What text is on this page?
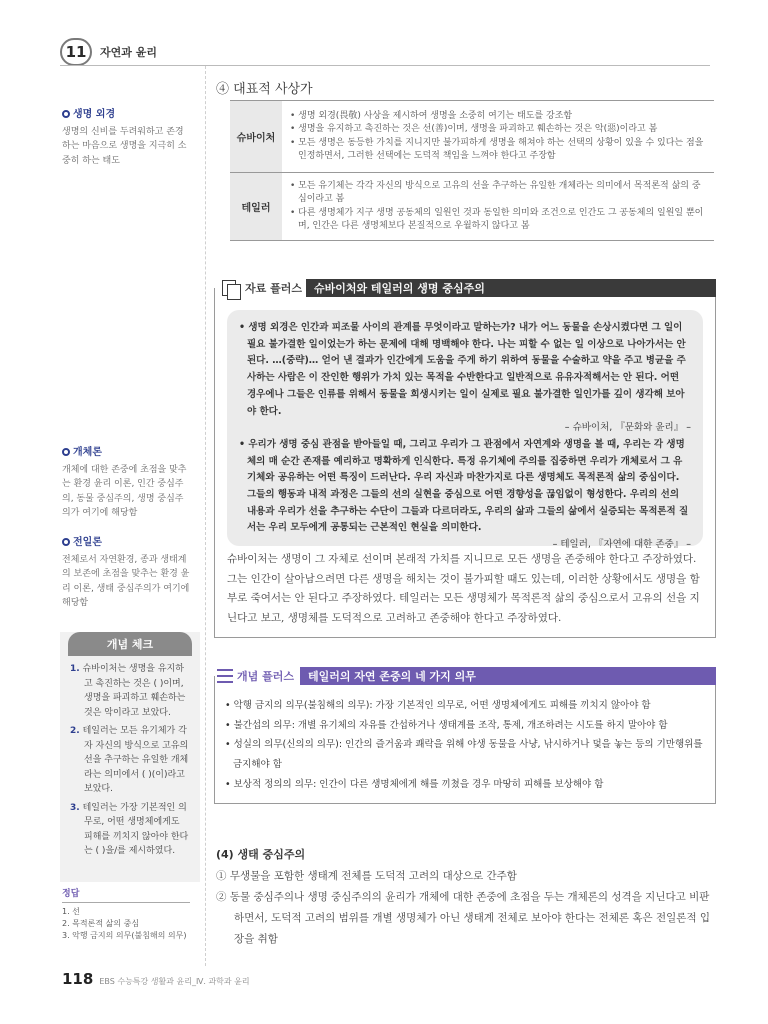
11	자연과 윤리
생명 외경
생명의 신비를 두려워하고 존경하는 마음으로 생명을 지극히 소중히 하는 태도
개체론
개체에 대한 존중에 초점을 맞추는 환경 윤리 이론, 인간 중심주의, 동물 중심주의, 생명 중심주의가 여기에 해당함
전일론
전체로서 자연환경, 종과 생태계의 보존에 초점을 맞추는 환경 윤리 이론, 생태 중심주의가 여기에 해당함
개념 체크
1. 슈바이처는 생명을 유지하고 촉진하는 것은 ( )이며, 생명을 파괴하고 훼손하는 것은 악이라고 보았다.
2. 테일러는 모든 유기체가 각자 자신의 방식으로 고유의 선을 추구하는 유일한 개체라는 의미에서 ( )(이)라고 보았다.
3. 테일러는 가장 기본적인 의무로, 어떤 생명체에게도 피해를 끼치지 않아야 한다는 ( )을/를 제시하였다.
정답
1. 선
2. 목적론적 삶의 중심
3. 악행 금지의 의무(불침해의 의무)
④ 대표적 사상가
슈바이처	• 생명 외경(畏敬) 사상을 제시하여 생명을 소중히 여기는 태도를 강조함
• 생명을 유지하고 촉진하는 것은 선(善)이며, 생명을 파괴하고 훼손하는 것은 악(惡)이라고 봄
• 모든 생명은 동등한 가치를 지니지만 불가피하게 생명을 해쳐야 하는 선택의 상황이 있을 수 있다는 점을 인정하면서, 그러한 선택에는 도덕적 책임을 느껴야 한다고 주장함

테일러	• 모든 유기체는 각각 자신의 방식으로 고유의 선을 추구하는 유일한 개체라는 의미에서 목적론적 삶의 중심이라고 봄
• 다른 생명체가 지구 생명 공동체의 일원인 것과 동일한 의미와 조건으로 인간도 그 공동체의 일원일 뿐이며, 인간은 다른 생명체보다 본질적으로 우월하지 않다고 봄
자료 플러스	슈바이처와 테일러의 생명 중심주의
• 생명 외경은 인간과 피조물 사이의 관계를 무엇이라고 말하는가? 내가 어느 동물을 손상시켰다면 그 일이 필요 불가결한 일이었는가 하는 문제에 대해 명백해야 한다. 나는 피할 수 없는 일 이상으로 나아가서는 안 된다. …(중략)… 얻어 낸 결과가 인간에게 도움을 주게 하기 위하여 동물을 수술하고 약을 주고 병균을 주사하는 사람은 이 잔인한 행위가 가치 있는 목적을 수반한다고 일반적으로 유유자적해서는 안 된다. 어떤 경우에나 그들은 인류를 위해서 동물을 희생시키는 일이 실제로 필요 불가결한 일인가를 깊이 생각해 보아야 한다.
– 슈바이처, 『문화와 윤리』 –
• 우리가 생명 중심 관점을 받아들일 때, 그리고 우리가 그 관점에서 자연계와 생명을 볼 때, 우리는 각 생명체의 매 순간 존재를 예리하고 명확하게 인식한다. 특정 유기체에 주의를 집중하면 우리가 개체로서 그 유기체와 공유하는 어떤 특징이 드러난다. 우리 자신과 마찬가지로 다른 생명체도 목적론적 삶의 중심이다. 그들의 행동과 내적 과정은 그들의 선의 실현을 중심으로 어떤 경향성을 끊임없이 형성한다. 우리의 선의 내용과 우리가 선을 추구하는 수단이 그들과 다르더라도, 우리의 삶과 그들의 삶에서 실증되는 목적론적 질서는 우리 모두에게 공통되는 근본적인 현실을 의미한다.
– 테일러, 『자연에 대한 존중』 –
슈바이처는 생명이 그 자체로 선이며 본래적 가치를 지니므로 모든 생명을 존중해야 한다고 주장하였다. 그는 인간이 살아남으려면 다른 생명을 해치는 것이 불가피할 때도 있는데, 이러한 상황에서도 생명을 함부로 죽여서는 안 된다고 주장하였다. 테일러는 모든 생명체가 목적론적 삶의 중심으로서 고유의 선을 지닌다고 보고, 생명체를 도덕적으로 고려하고 존중해야 한다고 주장하였다.
개념 플러스	테일러의 자연 존중의 네 가지 의무
• 악행 금지의 의무(불침해의 의무): 가장 기본적인 의무로, 어떤 생명체에게도 피해를 끼치지 않아야 함
• 불간섭의 의무: 개별 유기체의 자유를 간섭하거나 생태계를 조작, 통제, 개조하려는 시도를 하지 말아야 함
• 성실의 의무(신의의 의무): 인간의 즐거움과 쾌락을 위해 야생 동물을 사냥, 낚시하거나 덫을 놓는 등의 기만행위를 금지해야 함
• 보상적 정의의 의무: 인간이 다른 생명체에게 해를 끼쳤을 경우 마땅히 피해를 보상해야 함
(4) 생태 중심주의
① 무생물을 포함한 생태계 전체를 도덕적 고려의 대상으로 간주함
② 동물 중심주의나 생명 중심주의의 윤리가 개체에 대한 존중에 초점을 두는 개체론의 성격을 지닌다고 비판하면서, 도덕적 고려의 범위를 개별 생명체가 아닌 생태계 전체로 보아야 한다는 전체론 혹은 전일론적 입장을 취함
118 EBS 수능특강 생활과 윤리_Ⅳ. 과학과 윤리
